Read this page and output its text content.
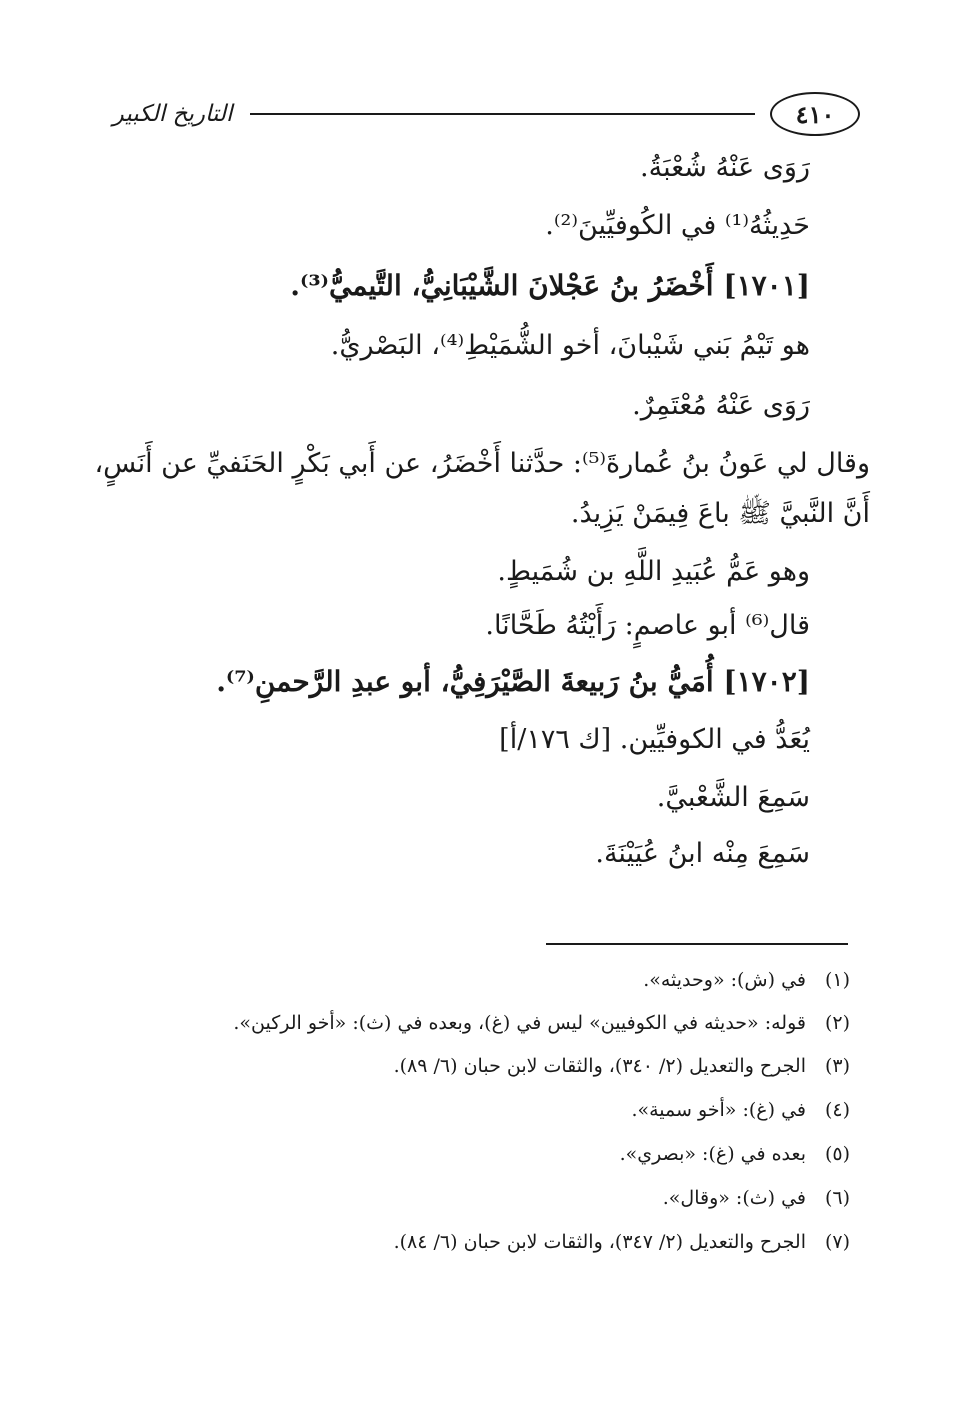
التاريخ الكبير	٤١٠
رَوَى عَنْهُ شُعْبَةُ.
حَدِيثُهُ⁽¹⁾ في الكُوفيِّينَ⁽²⁾.
[١٧٠١] أَخْضَرُ بنُ عَجْلانَ الشَّيْبَانِيُّ، التَّيميُّ⁽³⁾.
هو تَيْمُ بَني شَيْبانَ، أخو الشُّمَيْطِ⁽⁴⁾، البَصْريُّ.
رَوَى عَنْهُ مُعْتَمِرٌ.
وقال لي عَونُ بنُ عُمارةَ⁽⁵⁾: حدَّثنا أَخْضَرُ، عن أَبي بَكْرٍ الحَنَفيِّ عن أَنَسٍ،
أَنَّ النَّبيَّ ﷺ باعَ فِيمَنْ يَزِيدُ.
وهو عَمُّ عُبَيدِ اللَّهِ بن شُمَيطٍ.
قال⁽⁶⁾ أبو عاصمٍ: رَأَيْتُهُ طَحَّانًا.
[١٧٠٢] أُمَيُّ بنُ رَبيعةَ الصَّيْرَفِيُّ، أبو عبدِ الرَّحمنِ⁽⁷⁾.
يُعَدُّ في الكوفيِّين. [ك ١٧٦/أ]
سَمِعَ الشَّعْبيَّ.
سَمِعَ مِنْه ابنُ عُيَيْنَةَ.
(١)في (ش): «وحديثه».
(٢)قوله: «حديثه في الكوفيين» ليس في (غ)، وبعده في (ث): «أخو الركين».
(٣)الجرح والتعديل (٢/ ٣٤٠)، والثقات لابن حبان (٦/ ٨٩).
(٤)في (غ): «أخو سمية».
(٥)بعده في (غ): «بصري».
(٦)في (ث): «وقال».
(٧)الجرح والتعديل (٢/ ٣٤٧)، والثقات لابن حبان (٦/ ٨٤).
